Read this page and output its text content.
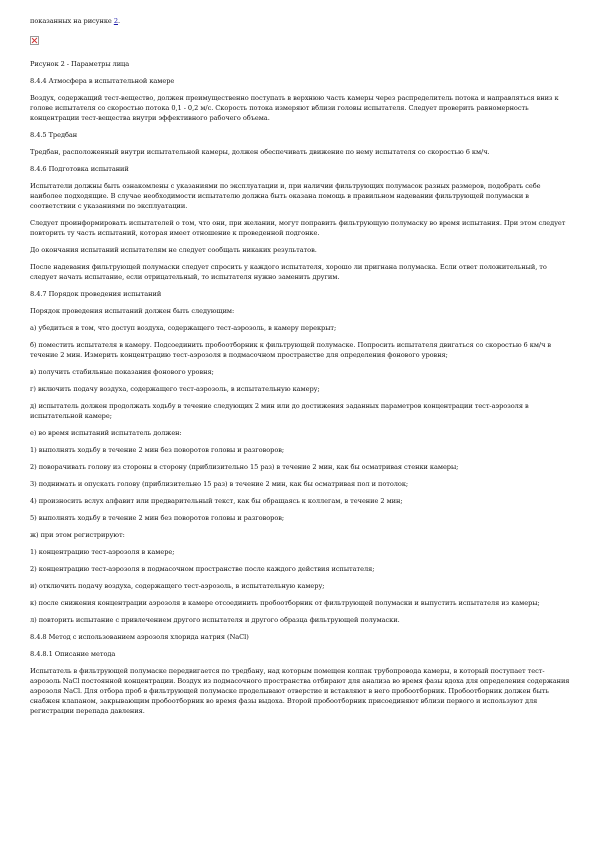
показанных на рисунке 2.

Рисунок 2 - Параметры лица

8.4.4 Атмосфера в испытательной камере

Воздух, содержащий тест-вещество, должен преимущественно поступать в верхнюю часть камеры через распределитель потока и направляться вниз к голове испытателя со скоростью потока 0,1 - 0,2 м/с. Скорость потока измеряют вблизи головы испытателя. Следует проверить равномерность концентрации тест-вещества внутри эффективного рабочего объема.

8.4.5 Тредбан

Тредбан, расположенный внутри испытательной камеры, должен обеспечивать движение по нему испытателя со скоростью 6 км/ч.

8.4.6 Подготовка испытаний

Испытатели должны быть ознакомлены с указаниями по эксплуатации и, при наличии фильтрующих полумасок разных размеров, подобрать себе наиболее подходящие. В случае необходимости испытателю должна быть оказана помощь в правильном надевании фильтрующей полумаски в соответствии с указаниями по эксплуатации.

Следует проинформировать испытателей о том, что они, при желании, могут поправить фильтрующую полумаску во время испытания. При этом следует повторить ту часть испытаний, которая имеет отношение к проведенной подгонке.

До окончания испытаний испытателям не следует сообщать никаких результатов.

После надевания фильтрующей полумаски следует спросить у каждого испытателя, хорошо ли пригнана полумаска. Если ответ положительный, то следует начать испытание, если отрицательный, то испытателя нужно заменить другим.

8.4.7 Порядок проведения испытаний

Порядок проведения испытаний должен быть следующим:

а) убедиться в том, что доступ воздуха, содержащего тест-аэрозоль, в камеру перекрыт;

б) поместить испытателя в камеру. Подсоединить пробоотборник к фильтрующей полумаске. Попросить испытателя двигаться со скоростью 6 км/ч в течение 2 мин. Измерить концентрацию тест-аэрозоля в подмасочном пространстве для определения фонового уровня;

в) получить стабильные показания фонового уровня;

г) включить подачу воздуха, содержащего тест-аэрозоль, в испытательную камеру;

д) испытатель должен продолжать ходьбу в течение следующих 2 мин или до достижения заданных параметров концентрации тест-аэрозоля в испытательной камере;

е) во время испытаний испытатель должен:

1) выполнять ходьбу в течение 2 мин без поворотов головы и разговоров;

2) поворачивать голову из стороны в сторону (приблизительно 15 раз) в течение 2 мин, как бы осматривая стенки камеры;

3) поднимать и опускать голову (приблизительно 15 раз) в течение 2 мин, как бы осматривая пол и потолок;

4) произносить вслух алфавит или предварительный текст, как бы обращаясь к коллегам, в течение 2 мин;

5) выполнять ходьбу в течение 2 мин без поворотов головы и разговоров;

ж) при этом регистрируют:

1) концентрацию тест-аэрозоля в камере;

2) концентрацию тест-аэрозоля в подмасочном пространстве после каждого действия испытателя;

и) отключить подачу воздуха, содержащего тест-аэрозоль, в испытательную камеру;

к) после снижения концентрации аэрозоля в камере отсоединить пробоотборник от фильтрующей полумаски и выпустить испытателя из камеры;

л) повторить испытание с привлечением другого испытателя и другого образца фильтрующей полумаски.

8.4.8 Метод с использованием аэрозоля хлорида натрия (NaCl)

8.4.8.1 Описание метода

Испытатель в фильтрующей полумаске передвигается по тредбану, над которым помещен колпак трубопровода камеры, в который поступает тест-аэрозоль NaCl постоянной концентрации. Воздух из подмасочного пространства отбирают для анализа во время фазы вдоха для определения содержания аэрозоля NaCl. Для отбора проб в фильтрующей полумаске проделывают отверстие и вставляют в него пробоотборник. Пробоотборник должен быть снабжен клапаном, закрывающим пробоотборник во время фазы выдоха. Второй пробоотборник присоединяют вблизи первого и используют для регистрации перепада давления.
